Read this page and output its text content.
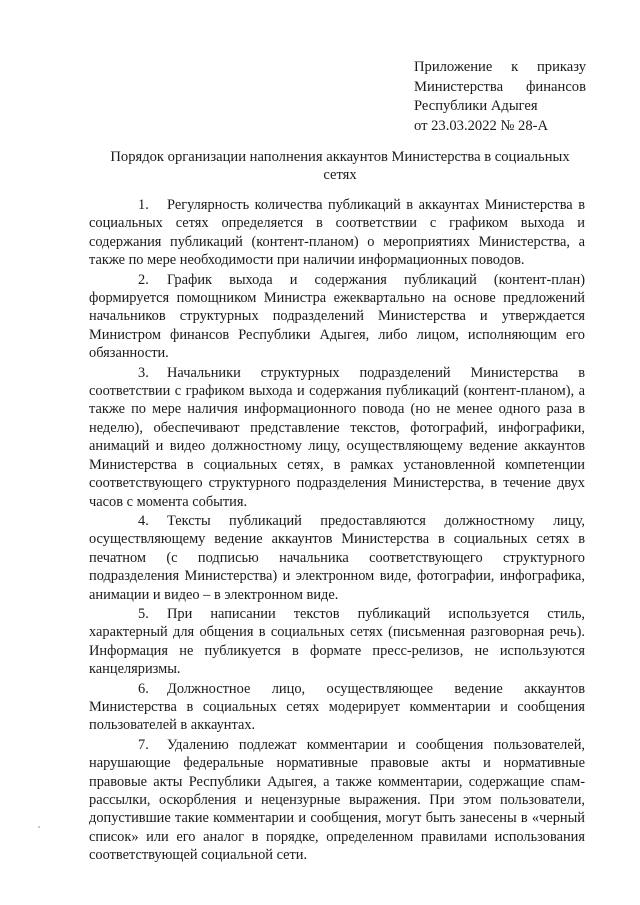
Приложение к приказу
Министерства финансов
Республики Адыгея
от 23.03.2022 № 28-А
Порядок организации наполнения аккаунтов Министерства в социальных сетях

1. Регулярность количества публикаций в аккаунтах Министерства в социальных сетях определяется в соответствии с графиком выхода и содержания публикаций (контент-планом) о мероприятиях Министерства, а также по мере необходимости при наличии информационных поводов.

2. График выхода и содержания публикаций (контент-план) формируется помощником Министра ежеквартально на основе предложений начальников структурных подразделений Министерства и утверждается Министром финансов Республики Адыгея, либо лицом, исполняющим его обязанности.

3. Начальники структурных подразделений Министерства в соответствии с графиком выхода и содержания публикаций (контент-планом), а также по мере наличия информационного повода (но не менее одного раза в неделю), обеспечивают представление текстов, фотографий, инфографики, анимаций и видео должностному лицу, осуществляющему ведение аккаунтов Министерства в социальных сетях, в рамках установленной компетенции соответствующего структурного подразделения Министерства, в течение двух часов с момента события.

4. Тексты публикаций предоставляются должностному лицу, осуществляющему ведение аккаунтов Министерства в социальных сетях в печатном (с подписью начальника соответствующего структурного подразделения Министерства) и электронном виде, фотографии, инфографика, анимации и видео – в электронном виде.

5. При написании текстов публикаций используется стиль, характерный для общения в социальных сетях (письменная разговорная речь). Информация не публикуется в формате пресс-релизов, не используются канцеляризмы.

6. Должностное лицо, осуществляющее ведение аккаунтов Министерства в социальных сетях модерирует комментарии и сообщения пользователей в аккаунтах.

7. Удалению подлежат комментарии и сообщения пользователей, нарушающие федеральные нормативные правовые акты и нормативные правовые акты Республики Адыгея, а также комментарии, содержащие спам-рассылки, оскорбления и нецензурные выражения. При этом пользователи, допустившие такие комментарии и сообщения, могут быть занесены в «черный список» или его аналог в порядке, определенном правилами использования соответствующей социальной сети.
